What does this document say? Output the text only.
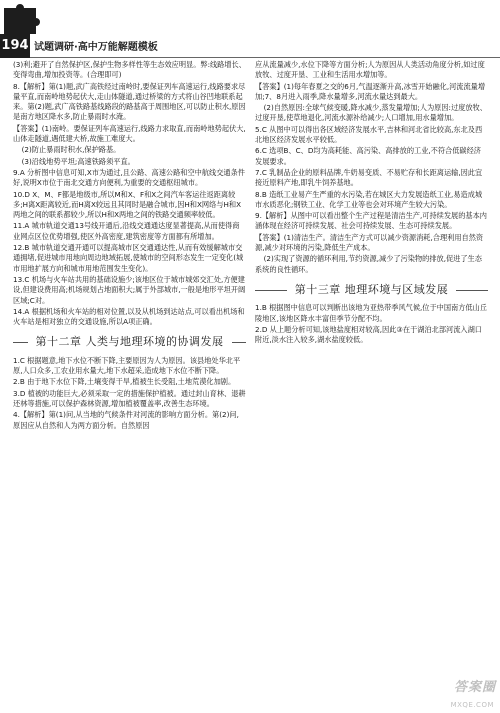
194 试题调研·高中万能解题模板

(3)利;避开了自然保护区,保护生物多样性等生态效应明显。弊:线路增长、变得弯曲,增加投资等。(合理即可)

8.【解析】第(1)题,武广高铁经过南岭时,要保证列车高速运行,线路要求尽量平直,而南岭地势起伏大,走山体隧道,通过桥梁的方式将山谷凹地联系起来。第(2)题,武广高铁路基线路段的路基高于周围地区,可以防止积水,原因是南方地区降水多,防止暴雨时水淹。

【答案】(1)南岭。要保证列车高速运行,线路力求取直,而南岭地势起伏大,山体走隧道,遇低建大桥,故施工难度大。

(2)防止暴雨时积水,保护路基。

(3)沿线地势平坦;高速铁路须平直。

9.A 分析图中信息可知,X市为通过,且公路、高速公路和空中航线交通条件好,说明X市位于南北交通方向便利,为重要的交通枢纽城市。

10.D X、M、F都是地级市,所以M和X、F和X之间汽车客运往返距离较多;H离X距离较近,而H离X较远且其同时是融合城市,因H和X网络与H和X两地之间的联系都较少,所以H和X两地之间的铁路交通频率较低。

11.A 城市轨道交通13号线开通后,沿线交通通达度显著提高,从而使得商业网点区位优势增强,使区外高密度,建筑密度等方面都有所增加。

12.B 城市轨道交通开通可以提高城市区交通通达性,从而有效缓解城市交通拥堵,促进城市用地向周边地域拓展,使城市的空间形态发生一定变化(城市用地扩展方向和城市用地范围发生变化)。

13.C 机场与火车站共用的基础设施少;该地区位于城市城郊交汇处,方便建设,但建设费用高;机场规划占地面积大;属于外部城市,一般是地形平坦开阔区域;C对。

14.A 根据机场和火车站的相对位置,以及从机场到达站点,可以看出机场和火车站是相对独立的交通设施,所以A项正确。

第十二章 人类与地理环境的协调发展

1.C 根据题意,地下水位不断下降,主要原因为人为原因。该县地处华北平原,人口众多,工农业用水量大,地下水超采,造成地下水位不断下降。

2.B 由于地下水位下降,土壤变得干旱,植被生长受阻,土地荒漠化加剧。

3.D 植被的功能巨大,必须采取一定的措施保护植被。通过封山育林、退耕还林等措施,可以保护森林资源,增加植被覆盖率,改善生态环境。

4.【解析】第(1)问,从当地的气候条件对河流的影响方面分析。第(2)问,原因应从自然和人为两方面分析。自然原因

应从流量减少,水位下降等方面分析;人为原因从人类活动角度分析,如过度放牧、过度开垦、工业和生活用水增加等。

【答案】(1)每年春夏之交的6月,气温逐渐升高,冰雪开始融化,河流流量增加;7、8月进入雨季,降水量增多,河流水量达到最大。

(2)自然原因:全球气候变暖,降水减少,蒸发量增加;人为原因:过度放牧、过度开垦,使草地退化,河流水源补给减少;人口增加,用水量增加。

5.C 从图中可以得出各区域经济发展水平,吉林和河北省比较高,东北及西北地区经济发展水平较低。

6.C 选项B、C、D均为高耗能、高污染、高排放的工业,不符合低碳经济发展要求。

7.C 乳制品企业的原料品牌,牛奶易变质、不易贮存和长距离运输,因此宜接近原料产地,即乳牛饲养基地。

8.B 造纸工业易产生严重的水污染,若在城区大力发展造纸工业,易造成城市水质恶化;钢铁工业、化学工业等也会对环境产生较大污染。

9.【解析】从图中可以看出整个生产过程是清洁生产,可持续发展的基本内涵体现在经济可持续发展、社会可持续发展、生态可持续发展。

【答案】(1)清洁生产。清洁生产方式可以减少资源消耗,合理利用自然资源,减少对环境的污染,降低生产成本。

(2)实现了资源的循环利用,节约资源,减少了污染物的排放,促进了生态系统的良性循环。

第十三章 地理环境与区域发展

1.B 根据图中信息可以判断出该地为亚热带季风气候,位于中国南方低山丘陵地区,该地区降水丰富但季节分配不均。

2.D 从上题分析可知,该地盐度相对较高,因此③在于湖泊北部河流入湖口附近,淡水注入较多,湖水盐度较低。

答案圈
MXQE.COM
